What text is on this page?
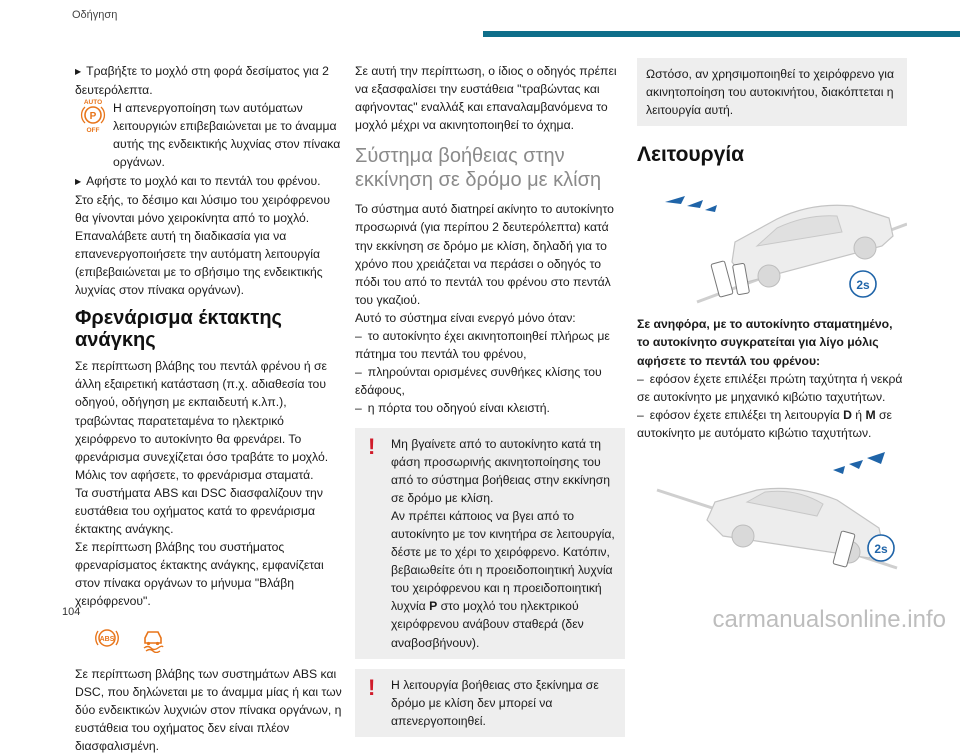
Οδήγηση

▶ Τραβήξτε το μοχλό στη φορά δεσίματος για 2 δευτερόλεπτα.

AUTO
P
OFF

Η απενεργοποίηση των αυτόματων λειτουργιών επιβεβαιώνεται με το άναμμα αυτής της ενδεικτικής λυχνίας στον πίνακα οργάνων.

▶ Αφήστε το μοχλό και το πεντάλ του φρένου.

Στο εξής, το δέσιμο και λύσιμο του χειρόφρενου θα γίνονται μόνο χειροκίνητα από το μοχλό.

Επαναλάβετε αυτή τη διαδικασία για να επανενεργοποιήσετε την αυτόματη λειτουργία (επιβεβαιώνεται με το σβήσιμο της ενδεικτικής λυχνίας στον πίνακα οργάνων).

Φρενάρισμα έκτακτης ανάγκης

Σε περίπτωση βλάβης του πεντάλ φρένου ή σε άλλη εξαιρετική κατάσταση (π.χ. αδιαθεσία του οδηγού, οδήγηση με εκπαιδευτή κ.λπ.), τραβώντας παρατεταμένα το ηλεκτρικό χειρόφρενο το αυτοκίνητο θα φρενάρει. Το φρενάρισμα συνεχίζεται όσο τραβάτε το μοχλό. Μόλις τον αφήσετε, το φρενάρισμα σταματά.

Τα συστήματα ABS και DSC διασφαλίζουν την ευστάθεια του οχήματος κατά το φρενάρισμα έκτακτης ανάγκης.

Σε περίπτωση βλάβης του συστήματος φρεναρίσματος έκτακτης ανάγκης, εμφανίζεται στον πίνακα οργάνων το μήνυμα "Βλάβη χειρόφρενου".

ABS

Σε περίπτωση βλάβης των συστημάτων ABS και DSC, που δηλώνεται με το άναμμα μίας ή και των δύο ενδεικτικών λυχνιών στον πίνακα οργάνων, η ευστάθεια του οχήματος δεν είναι πλέον διασφαλισμένη.

Σε αυτή την περίπτωση, ο ίδιος ο οδηγός πρέπει να εξασφαλίσει την ευστάθεια "τραβώντας και αφήνοντας" εναλλάξ και επαναλαμβανόμενα το μοχλό μέχρι να ακινητοποιηθεί το όχημα.

Σύστημα βοήθειας στην εκκίνηση σε δρόμο με κλίση

Το σύστημα αυτό διατηρεί ακίνητο το αυτοκίνητο προσωρινά (για περίπου 2 δευτερόλεπτα) κατά την εκκίνηση σε δρόμο με κλίση, δηλαδή για το χρόνο που χρειάζεται να περάσει ο οδηγός το πόδι του από το πεντάλ του φρένου στο πεντάλ του γκαζιού.

Αυτό το σύστημα είναι ενεργό μόνο όταν:

– το αυτοκίνητο έχει ακινητοποιηθεί πλήρως με πάτημα του πεντάλ του φρένου,

– πληρούνται ορισμένες συνθήκες κλίσης του εδάφους,

– η πόρτα του οδηγού είναι κλειστή.

! Μη βγαίνετε από το αυτοκίνητο κατά τη φάση προσωρινής ακινητοποίησης του από το σύστημα βοήθειας στην εκκίνηση σε δρόμο με κλίση.

Αν πρέπει κάποιος να βγει από το αυτοκίνητο με τον κινητήρα σε λειτουργία, δέστε με το χέρι το χειρόφρενο. Κατόπιν, βεβαιωθείτε ότι η προειδοποιητική λυχνία του χειρόφρενου και η προειδοποιητική λυχνία P στο μοχλό του ηλεκτρικού χειρόφρενου ανάβουν σταθερά (δεν αναβοσβήνουν).

! Η λειτουργία βοήθειας στο ξεκίνημα σε δρόμο με κλίση δεν μπορεί να απενεργοποιηθεί.

Ωστόσο, αν χρησιμοποιηθεί το χειρόφρενο για ακινητοποίηση του αυτοκινήτου, διακόπτεται η λειτουργία αυτή.

Λειτουργία
2s

Σε ανηφόρα, με το αυτοκίνητο σταματημένο, το αυτοκίνητο συγκρατείται για λίγο μόλις αφήσετε το πεντάλ του φρένου:

– εφόσον έχετε επιλέξει πρώτη ταχύτητα ή νεκρά σε αυτοκίνητο με μηχανικό κιβώτιο ταχυτήτων.

– εφόσον έχετε επιλέξει τη λειτουργία D ή M σε αυτοκίνητο με αυτόματο κιβώτιο ταχυτήτων.

2s
104	carmanualsonline.info
